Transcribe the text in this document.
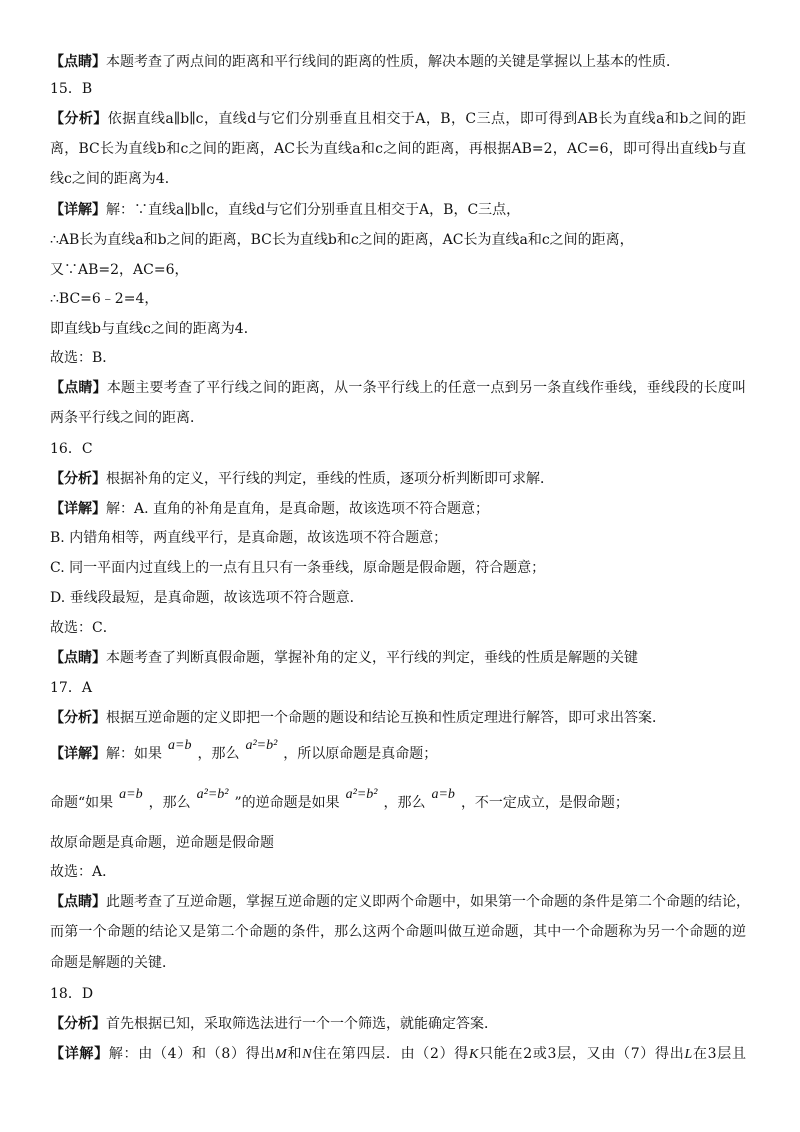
【点睛】本题考查了两点间的距离和平行线间的距离的性质，解决本题的关键是掌握以上基本的性质．
15．B
【分析】依据直线a∥b∥c，直线d与它们分别垂直且相交于A，B，C三点，即可得到AB长为直线a和b之间的距
离，BC长为直线b和c之间的距离，AC长为直线a和c之间的距离，再根据AB=2，AC=6，即可得出直线b与直
线c之间的距离为4．
【详解】解：∵直线a∥b∥c，直线d与它们分别垂直且相交于A，B，C三点，
∴AB长为直线a和b之间的距离，BC长为直线b和c之间的距离，AC长为直线a和c之间的距离，
又∵AB=2，AC=6，
∴BC=6﹣2=4，
即直线b与直线c之间的距离为4．
故选：B．
【点睛】本题主要考查了平行线之间的距离，从一条平行线上的任意一点到另一条直线作垂线，垂线段的长度叫
两条平行线之间的距离．
16．C
【分析】根据补角的定义，平行线的判定，垂线的性质，逐项分析判断即可求解．
【详解】解：A. 直角的补角是直角，是真命题，故该选项不符合题意；
B. 内错角相等，两直线平行，是真命题，故该选项不符合题意；
C. 同一平面内过直线上的一点有且只有一条垂线，原命题是假命题，符合题意；
D. 垂线段最短，是真命题，故该选项不符合题意．
故选：C．
【点睛】本题考查了判断真假命题，掌握补角的定义，平行线的判定，垂线的性质是解题的关键
17．A
【分析】根据互逆命题的定义即把一个命题的题设和结论互换和性质定理进行解答，即可求出答案．
【详解】解：如果a=b，那么a²=b²，所以原命题是真命题；
命题“如果a=b，那么a²=b²”的逆命题是如果a²=b²，那么a=b，不一定成立，是假命题；
故原命题是真命题，逆命题是假命题
故选：A．
【点睛】此题考查了互逆命题，掌握互逆命题的定义即两个命题中，如果第一个命题的条件是第二个命题的结论，
而第一个命题的结论又是第二个命题的条件，那么这两个命题叫做互逆命题，其中一个命题称为另一个命题的逆
命题是解题的关键．
18．D
【分析】首先根据已知，采取筛选法进行一个一个筛选，就能确定答案．
【详解】解：由（4）和（8）得出M和N住在第四层．由（2）得K只能在2或3层，又由（7）得出L在3层且
